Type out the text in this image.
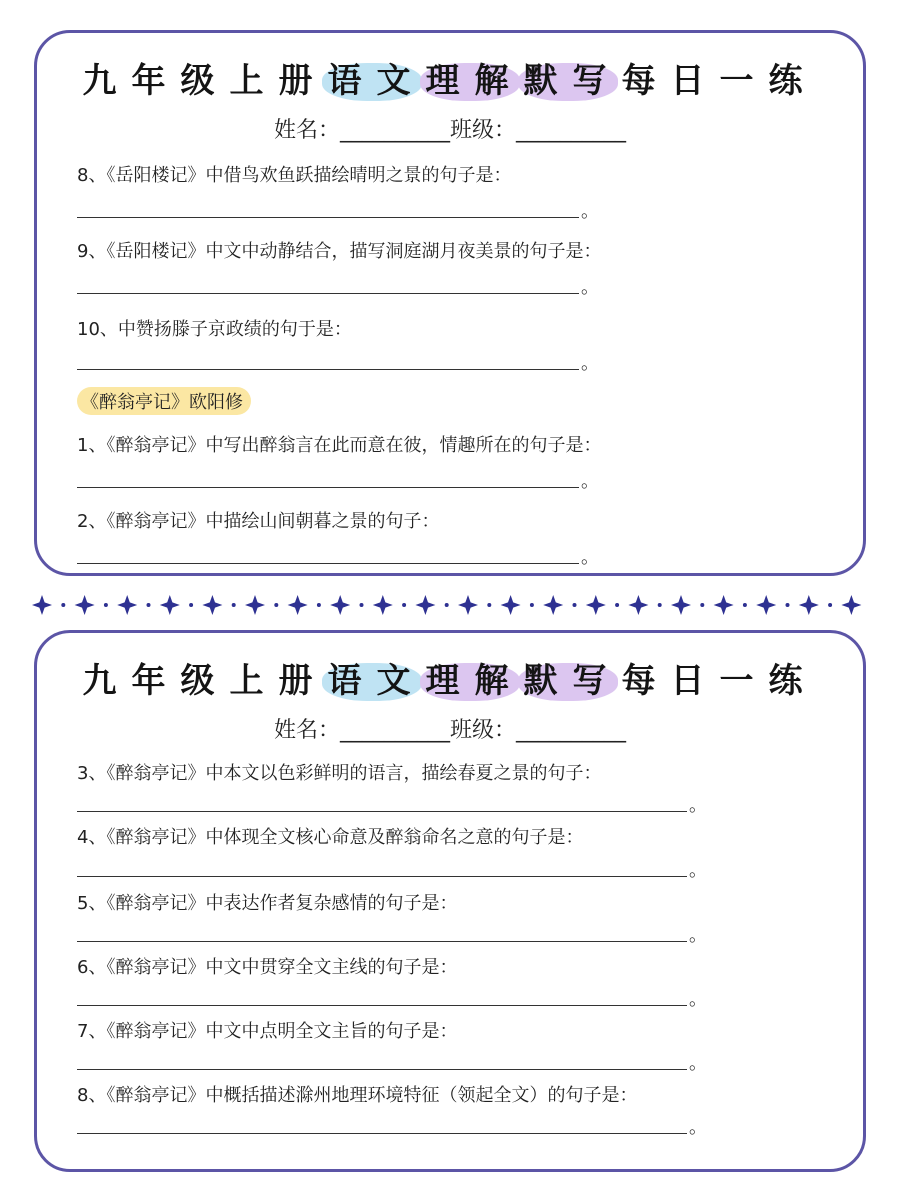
九年级上册语文理解默写每日一练
姓名：__________班级：__________
8、《岳阳楼记》中借鸟欢鱼跃描绘晴明之景的句子是：
。
9、《岳阳楼记》中文中动静结合，描写洞庭湖月夜美景的句子是：
。
10、中赞扬滕子京政绩的句于是：
。
《醉翁亭记》欧阳修
1、《醉翁亭记》中写出醉翁言在此而意在彼，情趣所在的句子是：
。
2、《醉翁亭记》中描绘山间朝暮之景的句子：
。
九年级上册语文理解默写每日一练
姓名：__________班级：__________
3、《醉翁亭记》中本文以色彩鲜明的语言，描绘春夏之景的句子：
。
4、《醉翁亭记》中体现全文核心命意及醉翁命名之意的句子是：
。
5、《醉翁亭记》中表达作者复杂感情的句子是：
。
6、《醉翁亭记》中文中贯穿全文主线的句子是：
。
7、《醉翁亭记》中文中点明全文主旨的句子是：
。
8、《醉翁亭记》中概括描述滁州地理环境特征（领起全文）的句子是：
。
